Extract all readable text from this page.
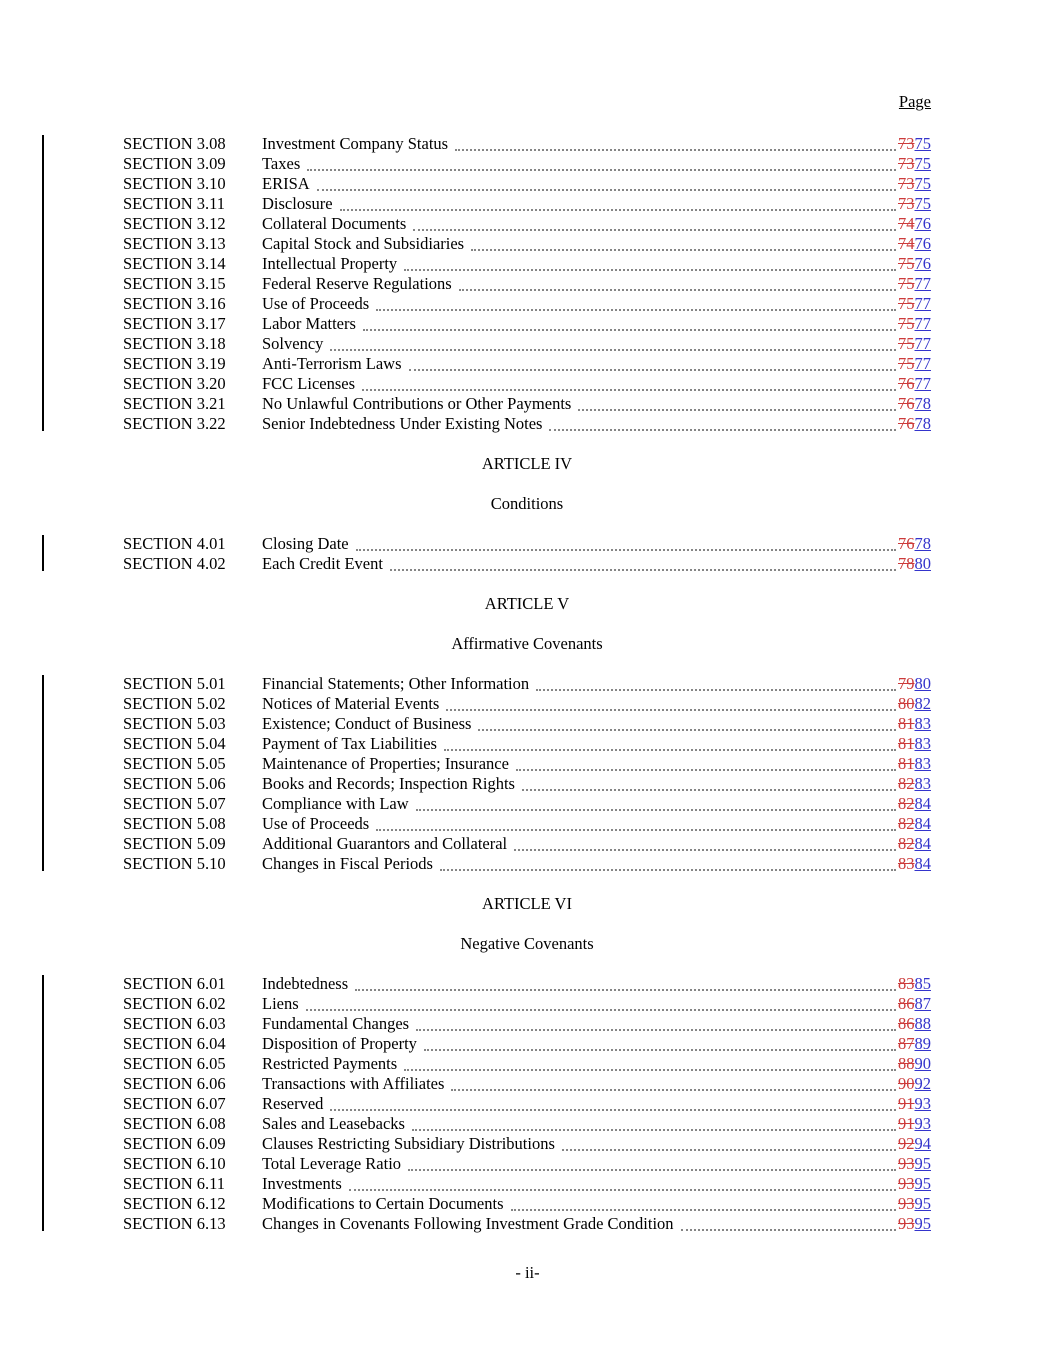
Page
SECTION 3.08	Investment Company Status	7375
SECTION 3.09	Taxes	7375
SECTION 3.10	ERISA	7375
SECTION 3.11	Disclosure	7375
SECTION 3.12	Collateral Documents	7476
SECTION 3.13	Capital Stock and Subsidiaries	7476
SECTION 3.14	Intellectual Property	7576
SECTION 3.15	Federal Reserve Regulations	7577
SECTION 3.16	Use of Proceeds	7577
SECTION 3.17	Labor Matters	7577
SECTION 3.18	Solvency	7577
SECTION 3.19	Anti-Terrorism Laws	7577
SECTION 3.20	FCC Licenses	7677
SECTION 3.21	No Unlawful Contributions or Other Payments	7678
SECTION 3.22	Senior Indebtedness Under Existing Notes	7678
ARTICLE IV
Conditions
SECTION 4.01	Closing Date	7678
SECTION 4.02	Each Credit Event	7880
ARTICLE V
Affirmative Covenants
SECTION 5.01	Financial Statements; Other Information	7980
SECTION 5.02	Notices of Material Events	8082
SECTION 5.03	Existence; Conduct of Business	8183
SECTION 5.04	Payment of Tax Liabilities	8183
SECTION 5.05	Maintenance of Properties; Insurance	8183
SECTION 5.06	Books and Records; Inspection Rights	8283
SECTION 5.07	Compliance with Law	8284
SECTION 5.08	Use of Proceeds	8284
SECTION 5.09	Additional Guarantors and Collateral	8284
SECTION 5.10	Changes in Fiscal Periods	8384
ARTICLE VI
Negative Covenants
SECTION 6.01	Indebtedness	8385
SECTION 6.02	Liens	8687
SECTION 6.03	Fundamental Changes	8688
SECTION 6.04	Disposition of Property	8789
SECTION 6.05	Restricted Payments	8890
SECTION 6.06	Transactions with Affiliates	9092
SECTION 6.07	Reserved	9193
SECTION 6.08	Sales and Leasebacks	9193
SECTION 6.09	Clauses Restricting Subsidiary Distributions	9294
SECTION 6.10	Total Leverage Ratio	9395
SECTION 6.11	Investments	9395
SECTION 6.12	Modifications to Certain Documents	9395
SECTION 6.13	Changes in Covenants Following Investment Grade Condition	9395
- ii-
